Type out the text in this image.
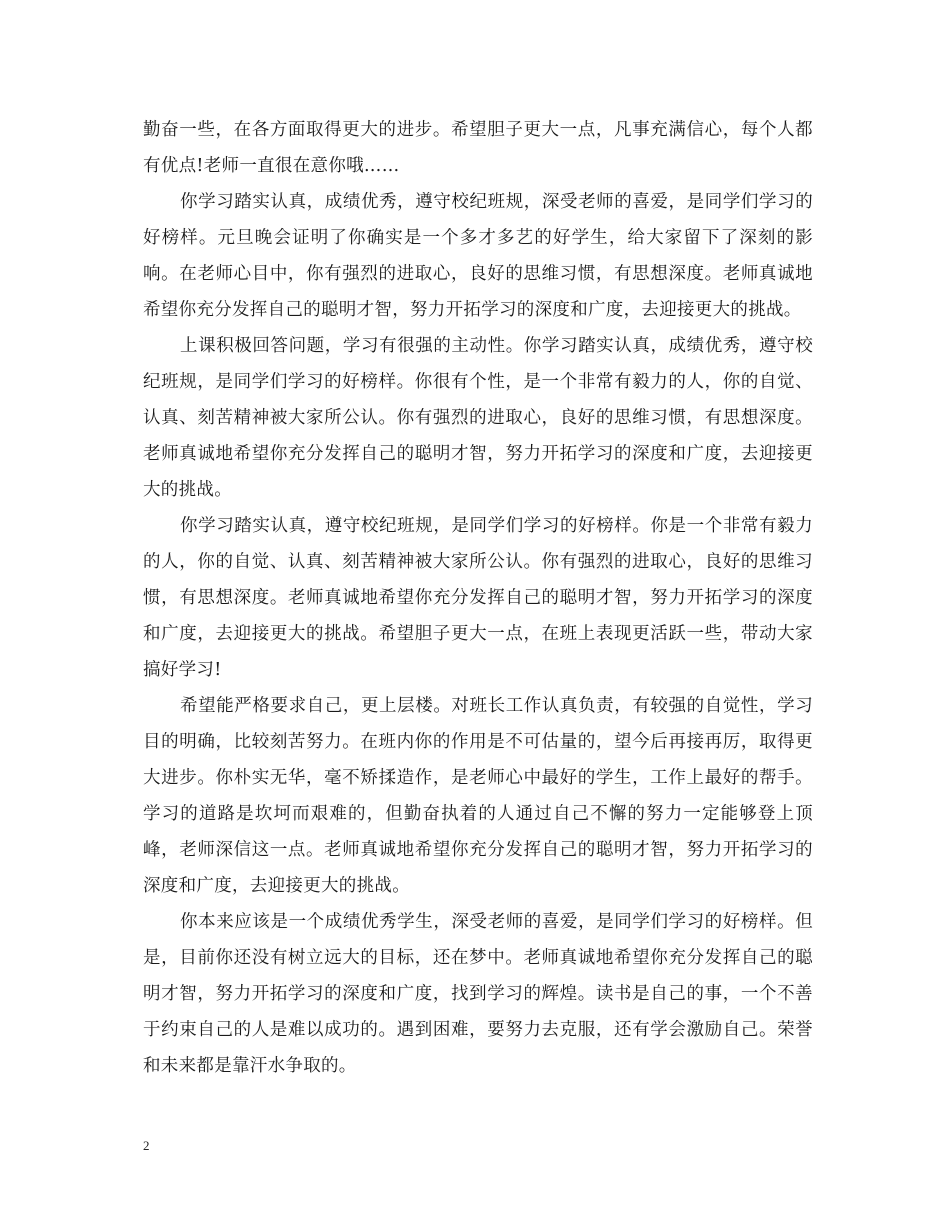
勤奋一些，在各方面取得更大的进步。希望胆子更大一点，凡事充满信心，每个人都有优点!老师一直很在意你哦……

你学习踏实认真，成绩优秀，遵守校纪班规，深受老师的喜爱，是同学们学习的好榜样。元旦晚会证明了你确实是一个多才多艺的好学生，给大家留下了深刻的影响。在老师心目中，你有强烈的进取心，良好的思维习惯，有思想深度。老师真诚地希望你充分发挥自己的聪明才智，努力开拓学习的深度和广度，去迎接更大的挑战。

上课积极回答问题，学习有很强的主动性。你学习踏实认真，成绩优秀，遵守校纪班规，是同学们学习的好榜样。你很有个性，是一个非常有毅力的人，你的自觉、认真、刻苦精神被大家所公认。你有强烈的进取心，良好的思维习惯，有思想深度。老师真诚地希望你充分发挥自己的聪明才智，努力开拓学习的深度和广度，去迎接更大的挑战。

你学习踏实认真，遵守校纪班规，是同学们学习的好榜样。你是一个非常有毅力的人，你的自觉、认真、刻苦精神被大家所公认。你有强烈的进取心，良好的思维习惯，有思想深度。老师真诚地希望你充分发挥自己的聪明才智，努力开拓学习的深度和广度，去迎接更大的挑战。希望胆子更大一点，在班上表现更活跃一些，带动大家搞好学习!

希望能严格要求自己，更上层楼。对班长工作认真负责，有较强的自觉性，学习目的明确，比较刻苦努力。在班内你的作用是不可估量的，望今后再接再厉，取得更大进步。你朴实无华，毫不矫揉造作，是老师心中最好的学生，工作上最好的帮手。学习的道路是坎坷而艰难的，但勤奋执着的人通过自己不懈的努力一定能够登上顶峰，老师深信这一点。老师真诚地希望你充分发挥自己的聪明才智，努力开拓学习的深度和广度，去迎接更大的挑战。

你本来应该是一个成绩优秀学生，深受老师的喜爱，是同学们学习的好榜样。但是，目前你还没有树立远大的目标，还在梦中。老师真诚地希望你充分发挥自己的聪明才智，努力开拓学习的深度和广度，找到学习的辉煌。读书是自己的事，一个不善于约束自己的人是难以成功的。遇到困难，要努力去克服，还有学会激励自己。荣誉和未来都是靠汗水争取的。

2
